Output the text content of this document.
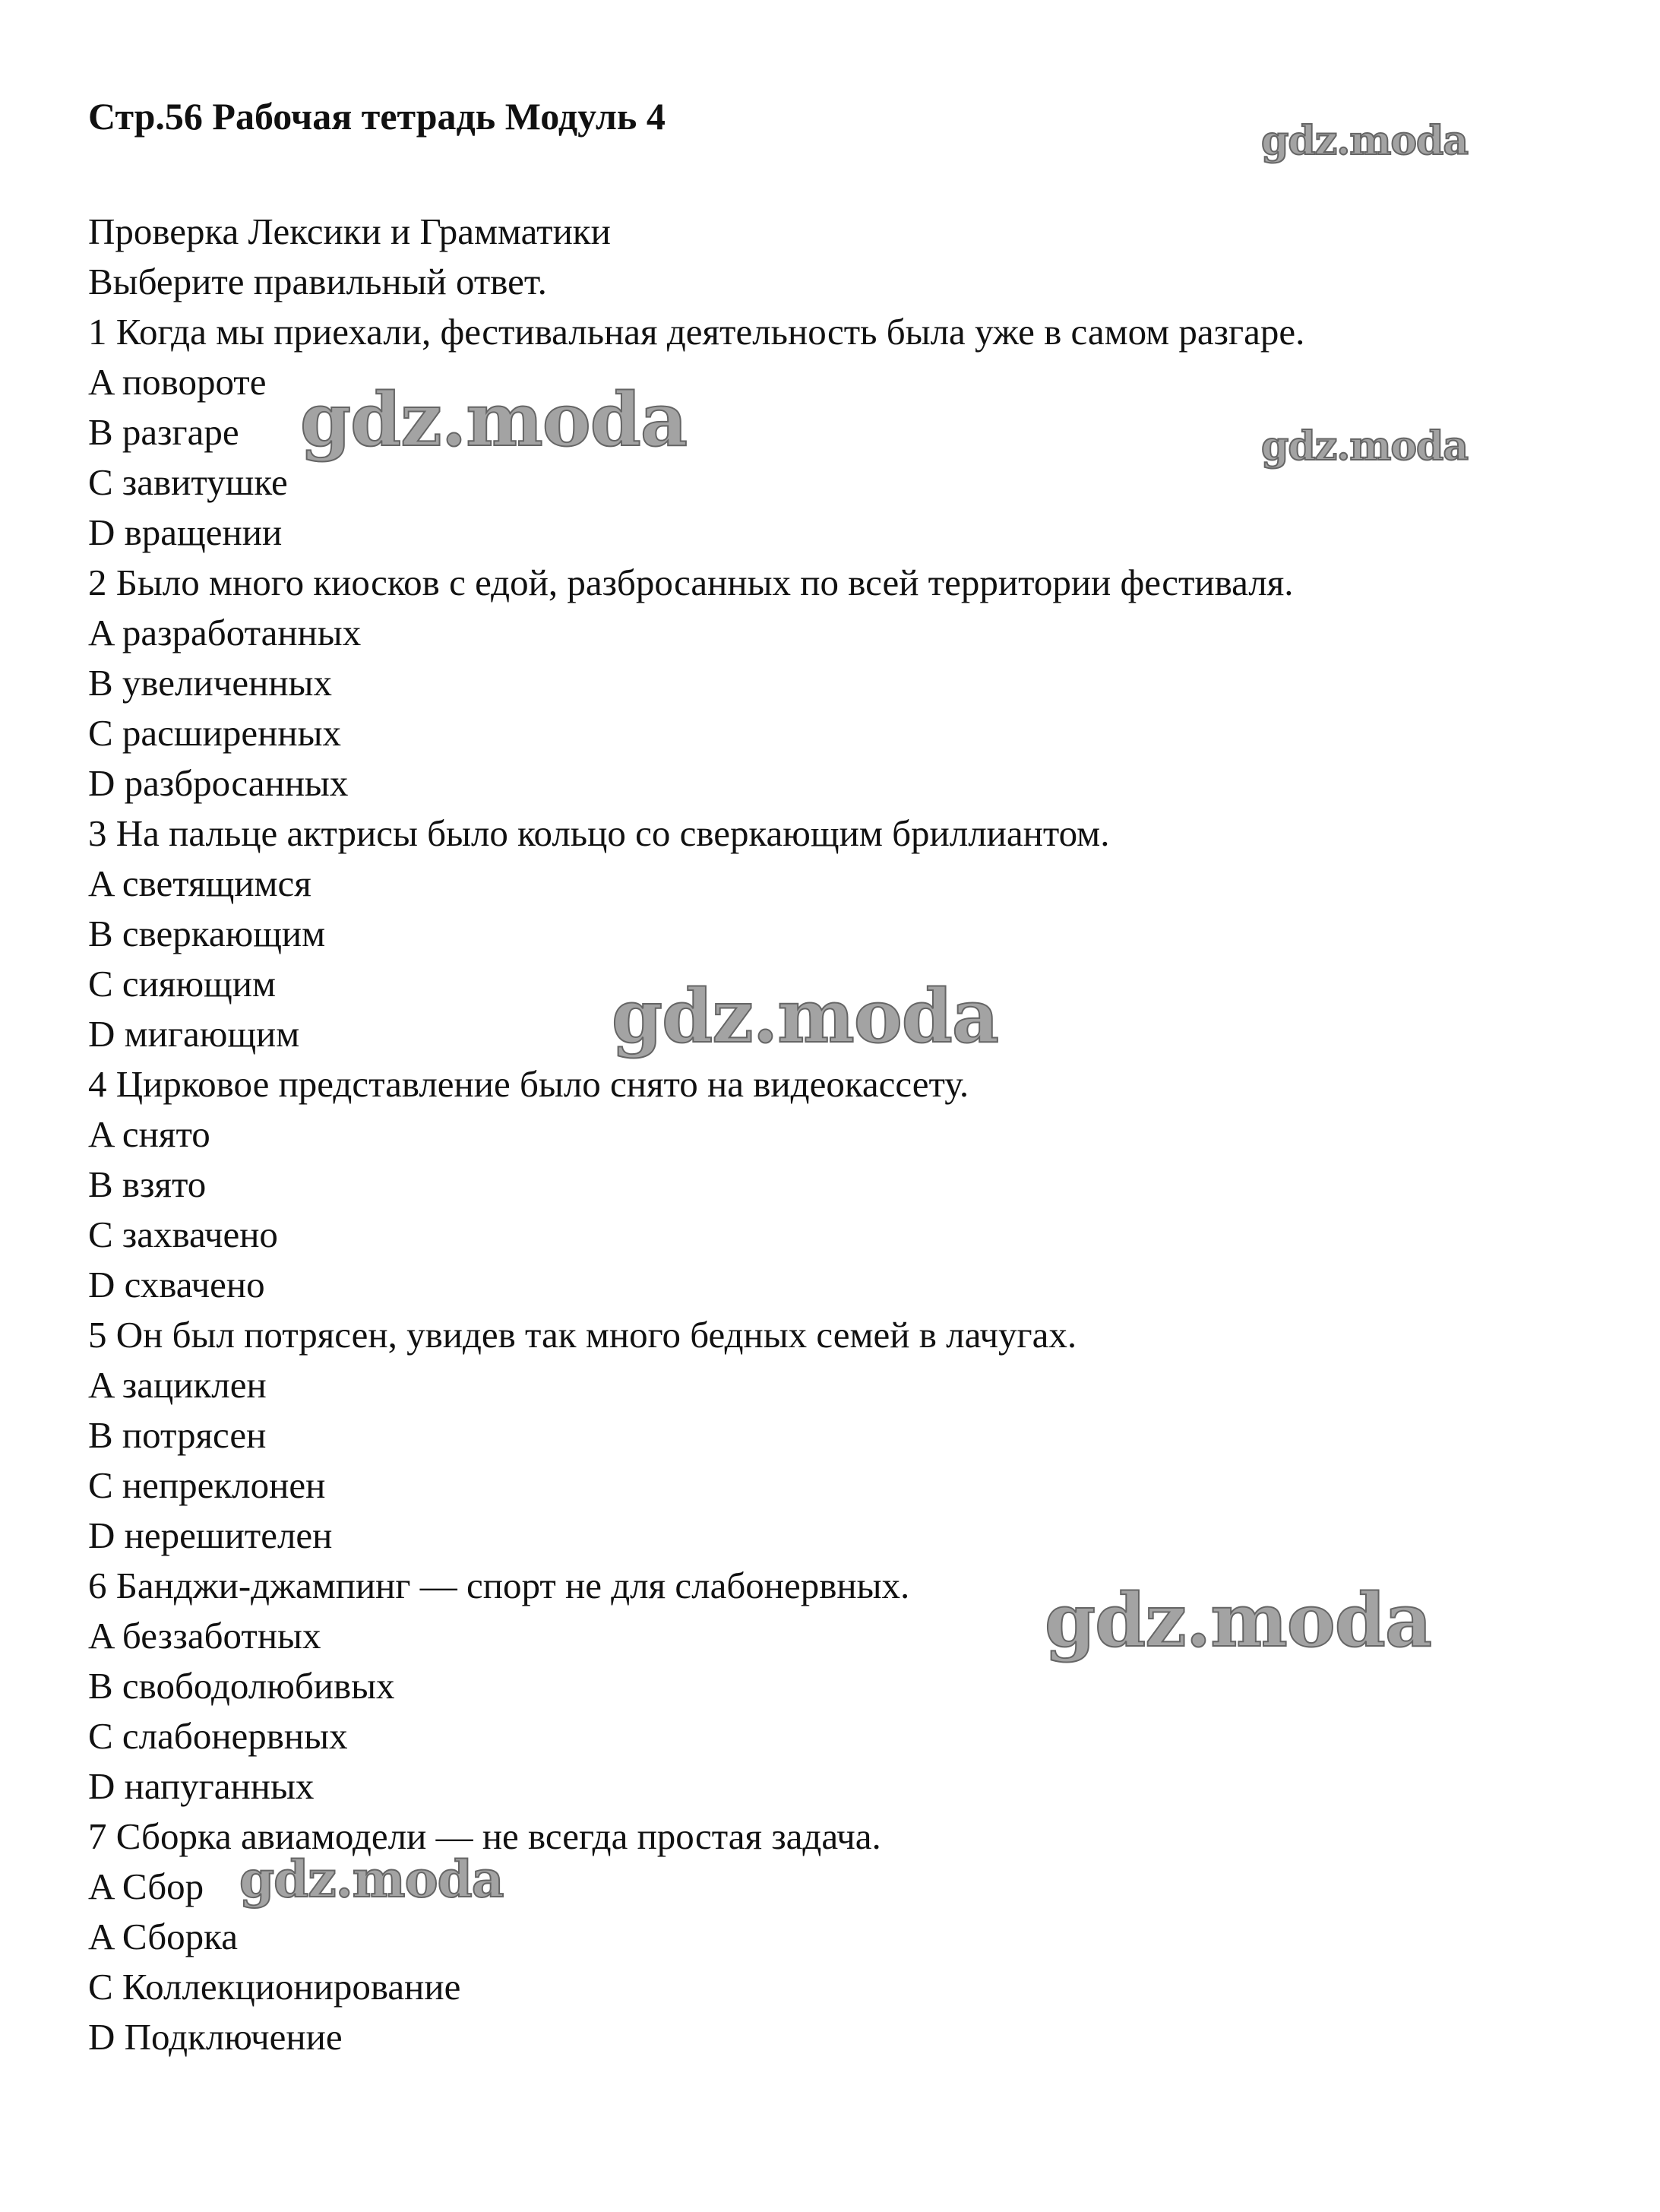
Стр.56 Рабочая тетрадь Модуль 4
Проверка Лексики и Грамматики
Выберите правильный ответ.
1 Когда мы приехали, фестивальная деятельность была уже в самом разгаре.
A повороте
B разгаре
C завитушке
D вращении
2 Было много киосков с едой, разбросанных по всей территории фестиваля.
A разработанных
B увеличенных
C расширенных
D разбросанных
3 На пальце актрисы было кольцо со сверкающим бриллиантом.
A светящимся
B сверкающим
C сияющим
D мигающим
4 Цирковое представление было снято на видеокассету.
A снято
B взято
C захвачено
D схвачено
5 Он был потрясен, увидев так много бедных семей в лачугах.
A зациклен
B потрясен
C непреклонен
D нерешителен
6 Банджи-джампинг — спорт не для слабонервных.
A беззаботных
B свободолюбивых
C слабонервных
D напуганных
7 Сборка авиамодели — не всегда простая задача.
A Сбор
A Сборка
C Коллекционирование
D Подключение
gdz.moda
gdz.moda	gdz.moda
gdz.moda
gdz.moda
gdz.moda
